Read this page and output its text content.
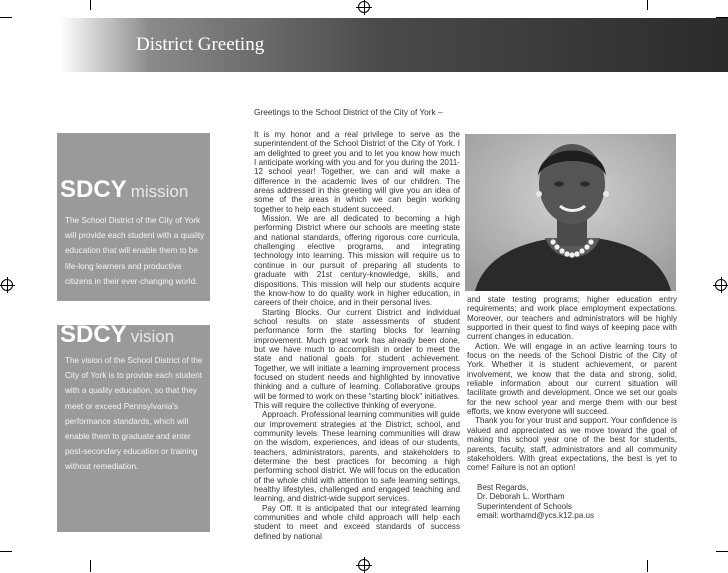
District Greeting
SDCY mission
The School District of the City of York will provide each student with a quality education that will enable them to be life-long learners and productive citizens in their ever-changing world.
SDCY vision
The vision of the School District of the City of York is to provide each student with a quality education, so that they meet or exceed Pennsylvania's performance standards, which will enable them to graduate and enter post-secondary education or training without remediation.
Greetings to the School District of the City of York –

It is my honor and a real privilege to serve as the superintendent of the School District of the City of York. I am delighted to greet you and to let you know how much I anticipate working with you and for you during the 2011-12 school year! Together, we can and will make a difference in the academic lives of our children. The areas addressed in this greeting will give you an idea of some of the areas in which we can begin working together to help each student succeed.

Mission. We are all dedicated to becoming a high performing District where our schools are meeting state and national standards, offering rigorous core curricula, challenging elective programs, and integrating technology into learning. This mission will require us to continue in our pursuit of preparing all students to graduate with 21st century-knowledge, skills, and dispositions. This mission will help our students acquire the know-how to do quality work in higher education, in careers of their choice, and in their personal lives.

Starting Blocks. Our current District and individual school results on state assessments of student performance form the starting blocks for learning improvement. Much great work has already been done, but we have much to accomplish in order to meet the state and national goals for student achievement. Together, we will initiate a learning improvement process focused on student needs and highlighted by innovative thinking and a culture of learning. Collaborative groups will be formed to work on these “starting block” initiatives. This will require the collective thinking of everyone.

Approach. Professional learning communities will guide our improvement strategies at the District, school, and community levels. These learning communities will draw on the wisdom, experiences, and ideas of our students, teachers, administrators, parents, and stakeholders to determine the best practices for becoming a high performing school district. We will focus on the education of the whole child with attention to safe learning settings, healthy lifestyles, challenged and engaged teaching and learning, and district-wide support services.

Pay Off. It is anticipated that our integrated learning communities and whole child approach will help each student to meet and exceed standards of success defined by national

and state testing programs; higher education entry requirements; and work place employment expectations. Moreover, our teachers and administrators will be highly supported in their quest to find ways of keeping pace with current changes in education.

Action. We will engage in an active learning tours to focus on the needs of the School Distric of the City of York. Whether it is student achievement, or parent involvement, we know that the data and strong, solid, reliable information about our current situation will facilitate growth and development. Once we set our goals for the new school year and merge them with our best efforts, we know everyone will succeed.

Thank you for your trust and support. Your confidence is valued and appreciated as we move toward the goal of making this school year one of the best for students, parents, faculty, staff, administrators and all community stakeholders. With great expectations, the best is yet to come! Failure is not an option!

Best Regards,
Dr. Deborah L. Wortham
Superintendent of Schools
email: worthamd@ycs.k12.pa.us
